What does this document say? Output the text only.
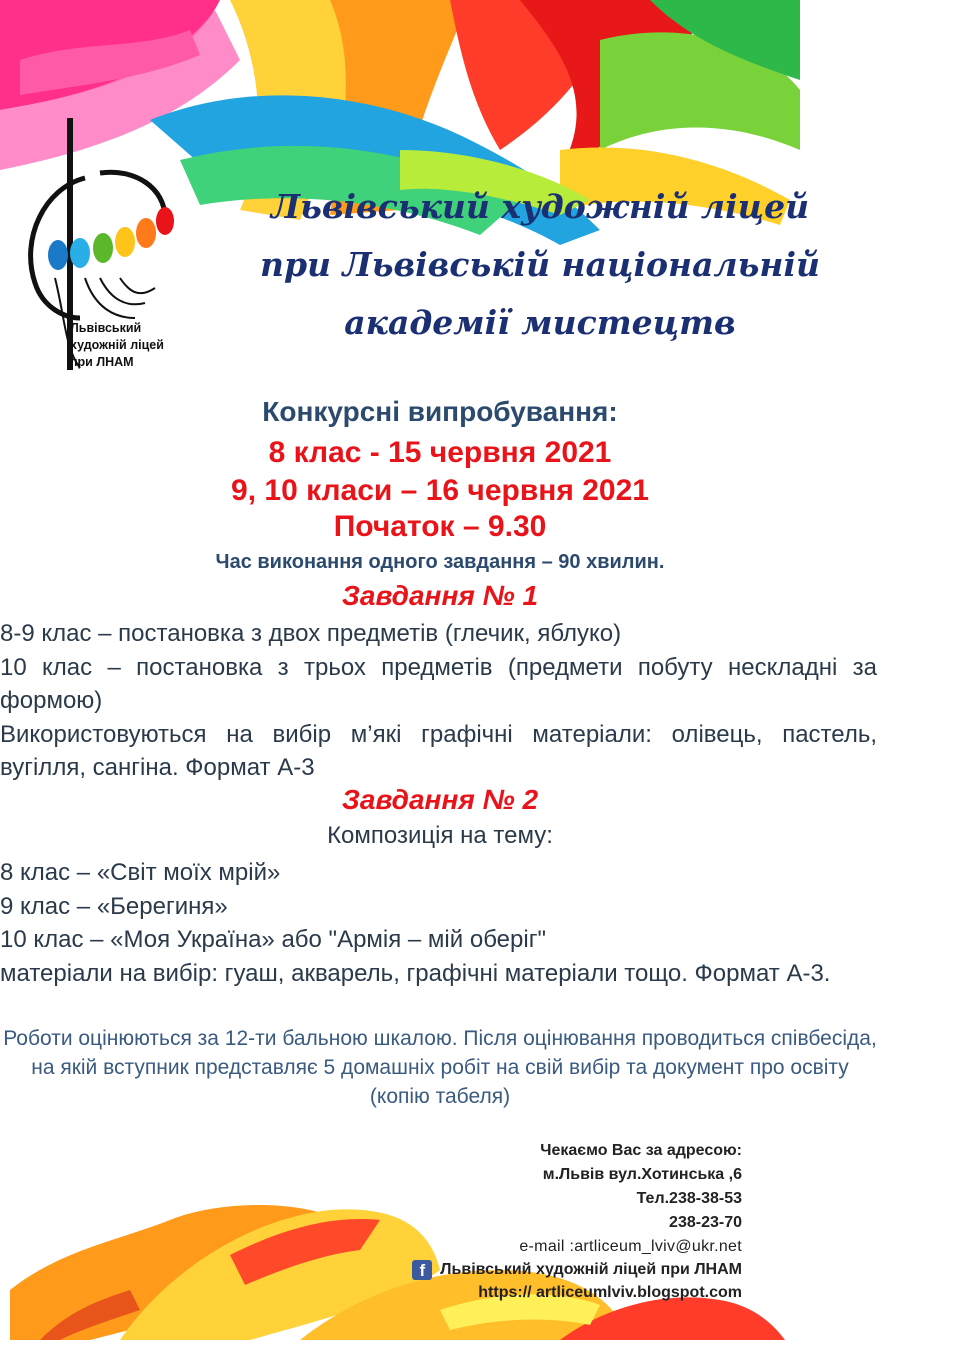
Львівський
художній ліцей
при ЛНАМ
Львівський художній ліцей
при Львівській національній
академії мистецтв
Конкурсні випробування:
8 клас - 15 червня 2021
9, 10 класи – 16 червня 2021
Початок – 9.30
Час виконання одного завдання – 90 хвилин.
Завдання № 1
8-9 клас – постановка з двох предметів (глечик, яблуко)
10 клас – постановка з трьох предметів (предмети побуту нескладні за формою)
Використовуються на вибір м’які графічні матеріали: олівець, пастель, вугілля, сангіна. Формат А-3
Завдання № 2
Композиція на тему:
8 клас – «Світ моїх мрій»
9 клас – «Берегиня»
10 клас – «Моя Україна» або "Армія – мій оберіг"
матеріали на вибір: гуаш, акварель, графічні матеріали тощо. Формат А-3.
Роботи оцінюються за 12-ти бальною шкалою. Після оцінювання проводиться співбесіда, на якій вступник представляє 5 домашніх робіт на свій вибір та документ про освіту (копію табеля)
Чекаємо Вас за адресою:
м.Львів вул.Хотинська ,6
Тел.238-38-53
238-23-70
e-mail :artliceum_lviv@ukr.net
f Львівський художній ліцей при ЛНАМ
https:// artliceumlviv.blogspot.com
